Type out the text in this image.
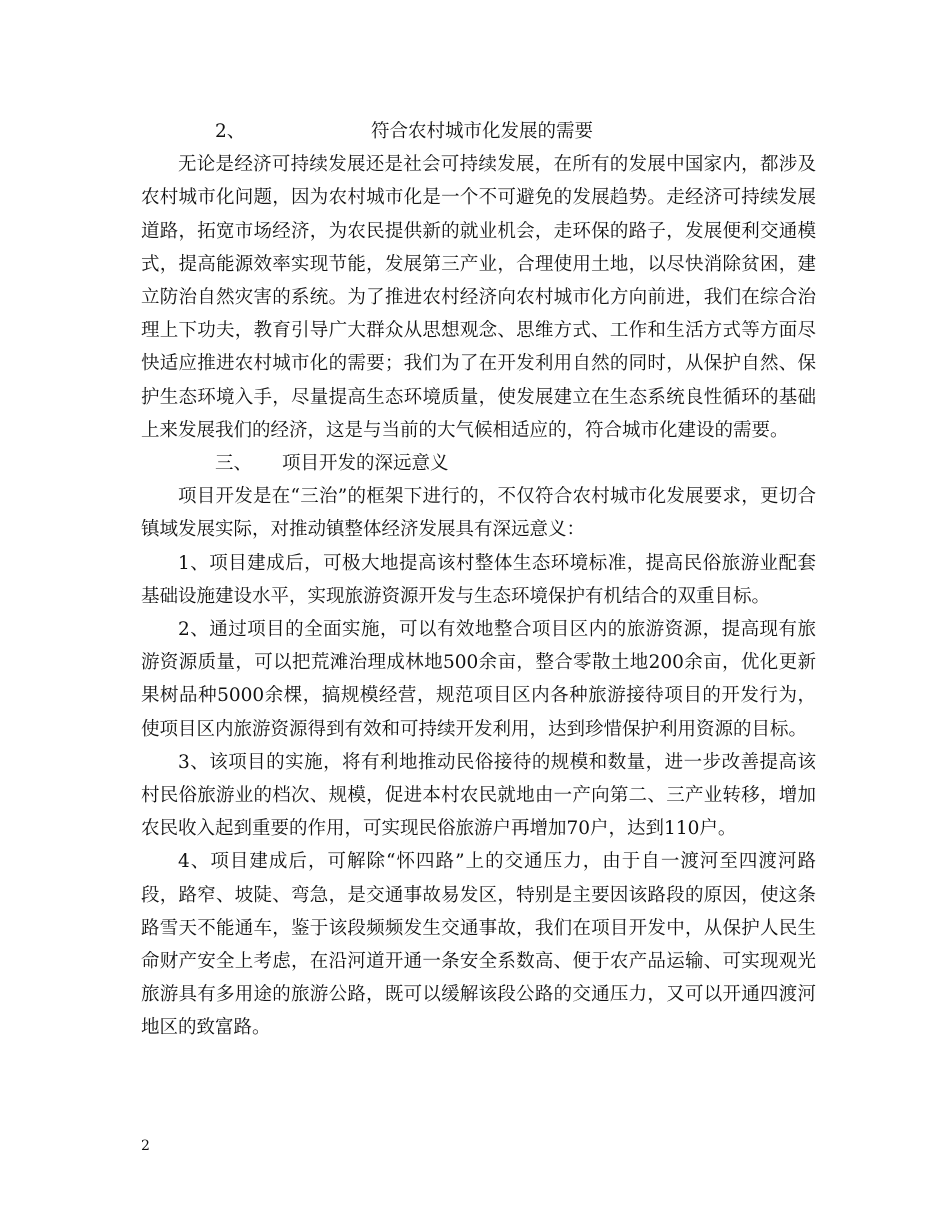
2、	符合农村城市化发展的需要

无论是经济可持续发展还是社会可持续发展，在所有的发展中国家内，都涉及农村城市化问题，因为农村城市化是一个不可避免的发展趋势。走经济可持续发展道路，拓宽市场经济，为农民提供新的就业机会，走环保的路子，发展便利交通模式，提高能源效率实现节能，发展第三产业，合理使用土地，以尽快消除贫困，建立防治自然灾害的系统。为了推进农村经济向农村城市化方向前进，我们在综合治理上下功夫，教育引导广大群众从思想观念、思维方式、工作和生活方式等方面尽快适应推进农村城市化的需要；我们为了在开发利用自然的同时，从保护自然、保护生态环境入手，尽量提高生态环境质量，使发展建立在生态系统良性循环的基础上来发展我们的经济，这是与当前的大气候相适应的，符合城市化建设的需要。

三、 项目开发的深远意义

项目开发是在“三治”的框架下进行的，不仅符合农村城市化发展要求，更切合镇域发展实际，对推动镇整体经济发展具有深远意义：

1、项目建成后，可极大地提高该村整体生态环境标准，提高民俗旅游业配套基础设施建设水平，实现旅游资源开发与生态环境保护有机结合的双重目标。

2、通过项目的全面实施，可以有效地整合项目区内的旅游资源，提高现有旅游资源质量，可以把荒滩治理成林地500余亩，整合零散土地200余亩，优化更新果树品种5000余棵，搞规模经营，规范项目区内各种旅游接待项目的开发行为，使项目区内旅游资源得到有效和可持续开发利用，达到珍惜保护利用资源的目标。

3、该项目的实施，将有利地推动民俗接待的规模和数量，进一步改善提高该村民俗旅游业的档次、规模，促进本村农民就地由一产向第二、三产业转移，增加农民收入起到重要的作用，可实现民俗旅游户再增加70户，达到110户。

4、项目建成后，可解除“怀四路”上的交通压力，由于自一渡河至四渡河路段，路窄、坡陡、弯急，是交通事故易发区，特别是主要因该路段的原因，使这条路雪天不能通车，鉴于该段频频发生交通事故，我们在项目开发中，从保护人民生命财产安全上考虑，在沿河道开通一条安全系数高、便于农产品运输、可实现观光旅游具有多用途的旅游公路，既可以缓解该段公路的交通压力，又可以开通四渡河地区的致富路。

2
